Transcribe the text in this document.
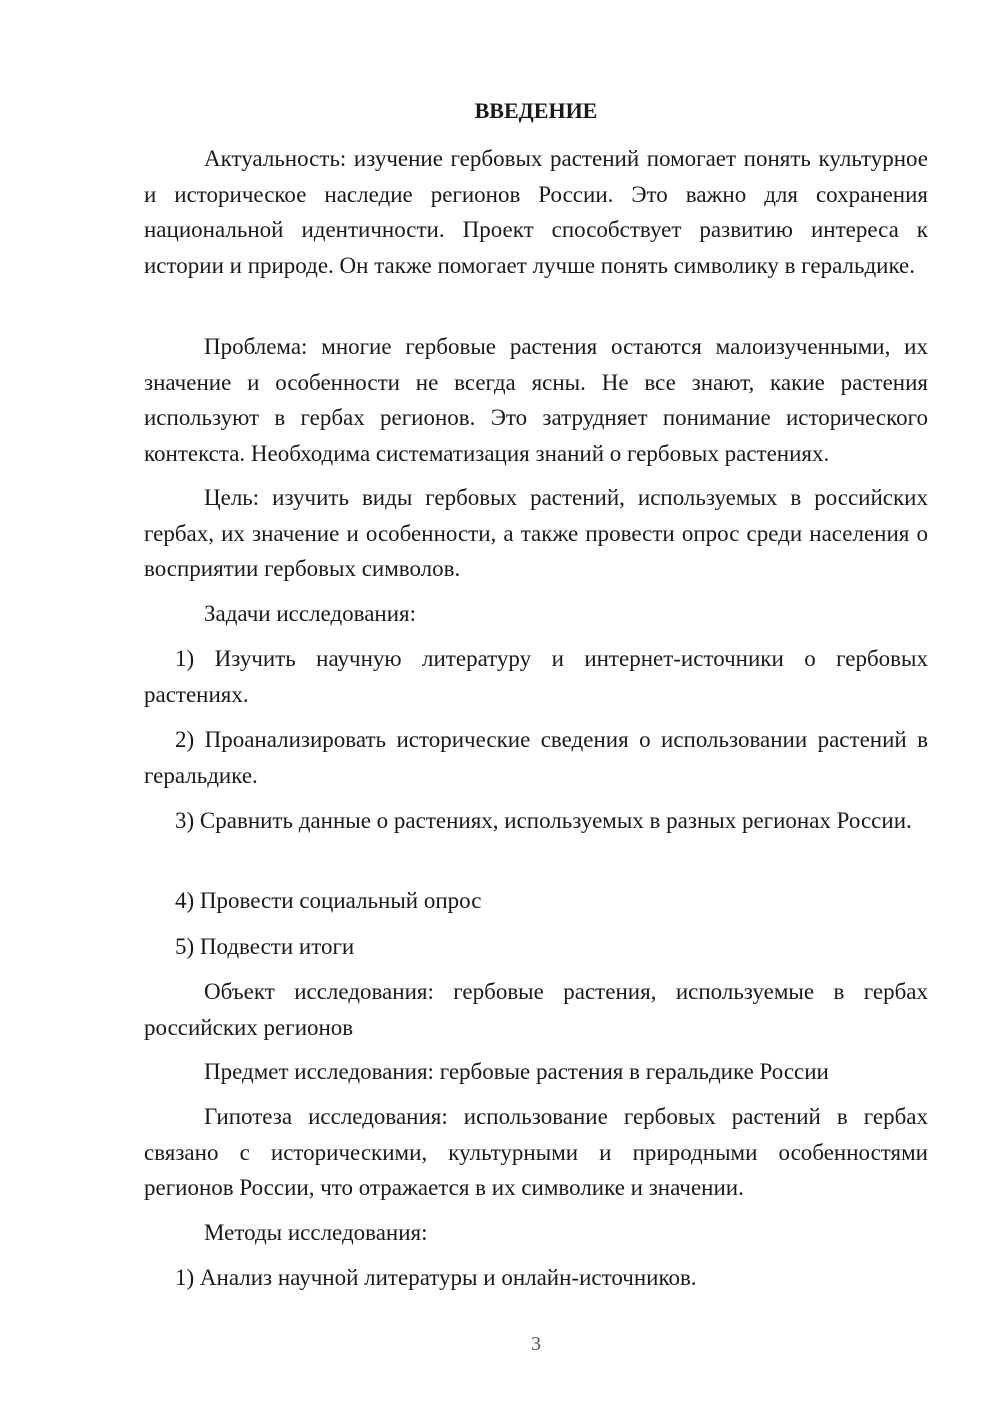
ВВЕДЕНИЕ

Актуальность: изучение гербовых растений помогает понять культурное и историческое наследие регионов России. Это важно для сохранения национальной идентичности. Проект способствует развитию интереса к истории и природе. Он также помогает лучше понять символику в геральдике.

Проблема: многие гербовые растения остаются малоизученными, их значение и особенности не всегда ясны. Не все знают, какие растения используют в гербах регионов. Это затрудняет понимание исторического контекста. Необходима систематизация знаний о гербовых растениях.

Цель: изучить виды гербовых растений, используемых в российских гербах, их значение и особенности, а также провести опрос среди населения о восприятии гербовых символов.

Задачи исследования:

1) Изучить научную литературу и интернет-источники о гербовых растениях.

2) Проанализировать исторические сведения о использовании растений в геральдике.

3) Сравнить данные о растениях, используемых в разных регионах России.

4) Провести социальный опрос

5) Подвести итоги

Объект исследования: гербовые растения, используемые в гербах российских регионов

Предмет исследования: гербовые растения в геральдике России

Гипотеза исследования: использование гербовых растений в гербах связано с историческими, культурными и природными особенностями регионов России, что отражается в их символике и значении.

Методы исследования:

1) Анализ научной литературы и онлайн-источников.

3
